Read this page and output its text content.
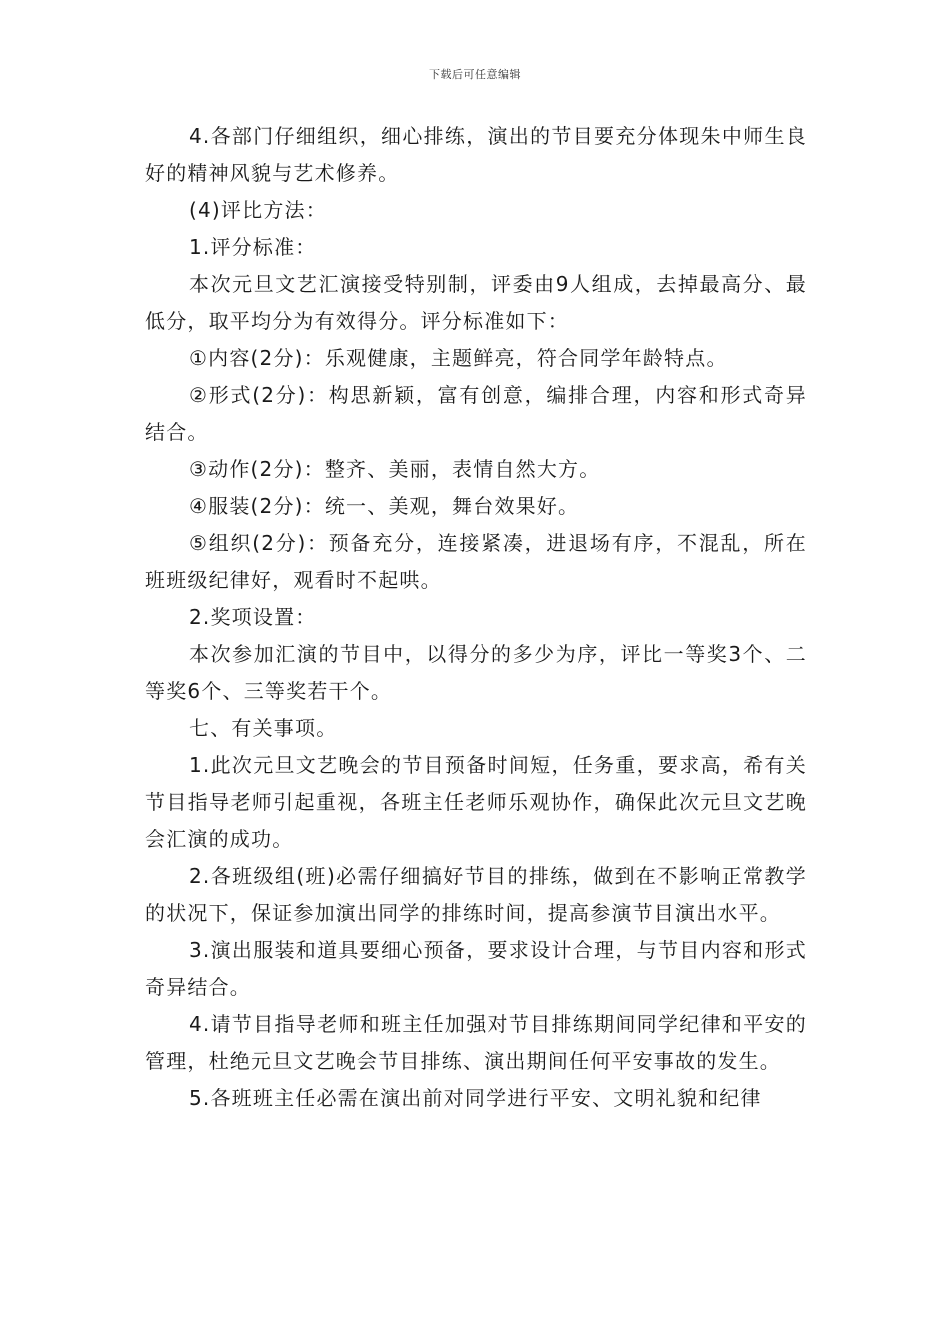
下载后可任意编辑

4.各部门仔细组织，细心排练，演出的节目要充分体现朱中师生良好的精神风貌与艺术修养。

(4)评比方法：

1.评分标准：

本次元旦文艺汇演接受特别制，评委由9人组成，去掉最高分、最低分，取平均分为有效得分。评分标准如下：

①内容(2分)：乐观健康，主题鲜亮，符合同学年龄特点。

②形式(2分)：构思新颖，富有创意，编排合理，内容和形式奇异结合。

③动作(2分)：整齐、美丽，表情自然大方。

④服装(2分)：统一、美观，舞台效果好。

⑤组织(2分)：预备充分，连接紧凑，进退场有序，不混乱，所在班班级纪律好，观看时不起哄。

2.奖项设置：

本次参加汇演的节目中，以得分的多少为序，评比一等奖3个、二等奖6个、三等奖若干个。

七、有关事项。

1.此次元旦文艺晚会的节目预备时间短，任务重，要求高，希有关节目指导老师引起重视，各班主任老师乐观协作，确保此次元旦文艺晚会汇演的成功。

2.各班级组(班)必需仔细搞好节目的排练，做到在不影响正常教学的状况下，保证参加演出同学的排练时间，提高参演节目演出水平。

3.演出服装和道具要细心预备，要求设计合理，与节目内容和形式奇异结合。

4.请节目指导老师和班主任加强对节目排练期间同学纪律和平安的管理，杜绝元旦文艺晚会节目排练、演出期间任何平安事故的发生。

5.各班班主任必需在演出前对同学进行平安、文明礼貌和纪律
